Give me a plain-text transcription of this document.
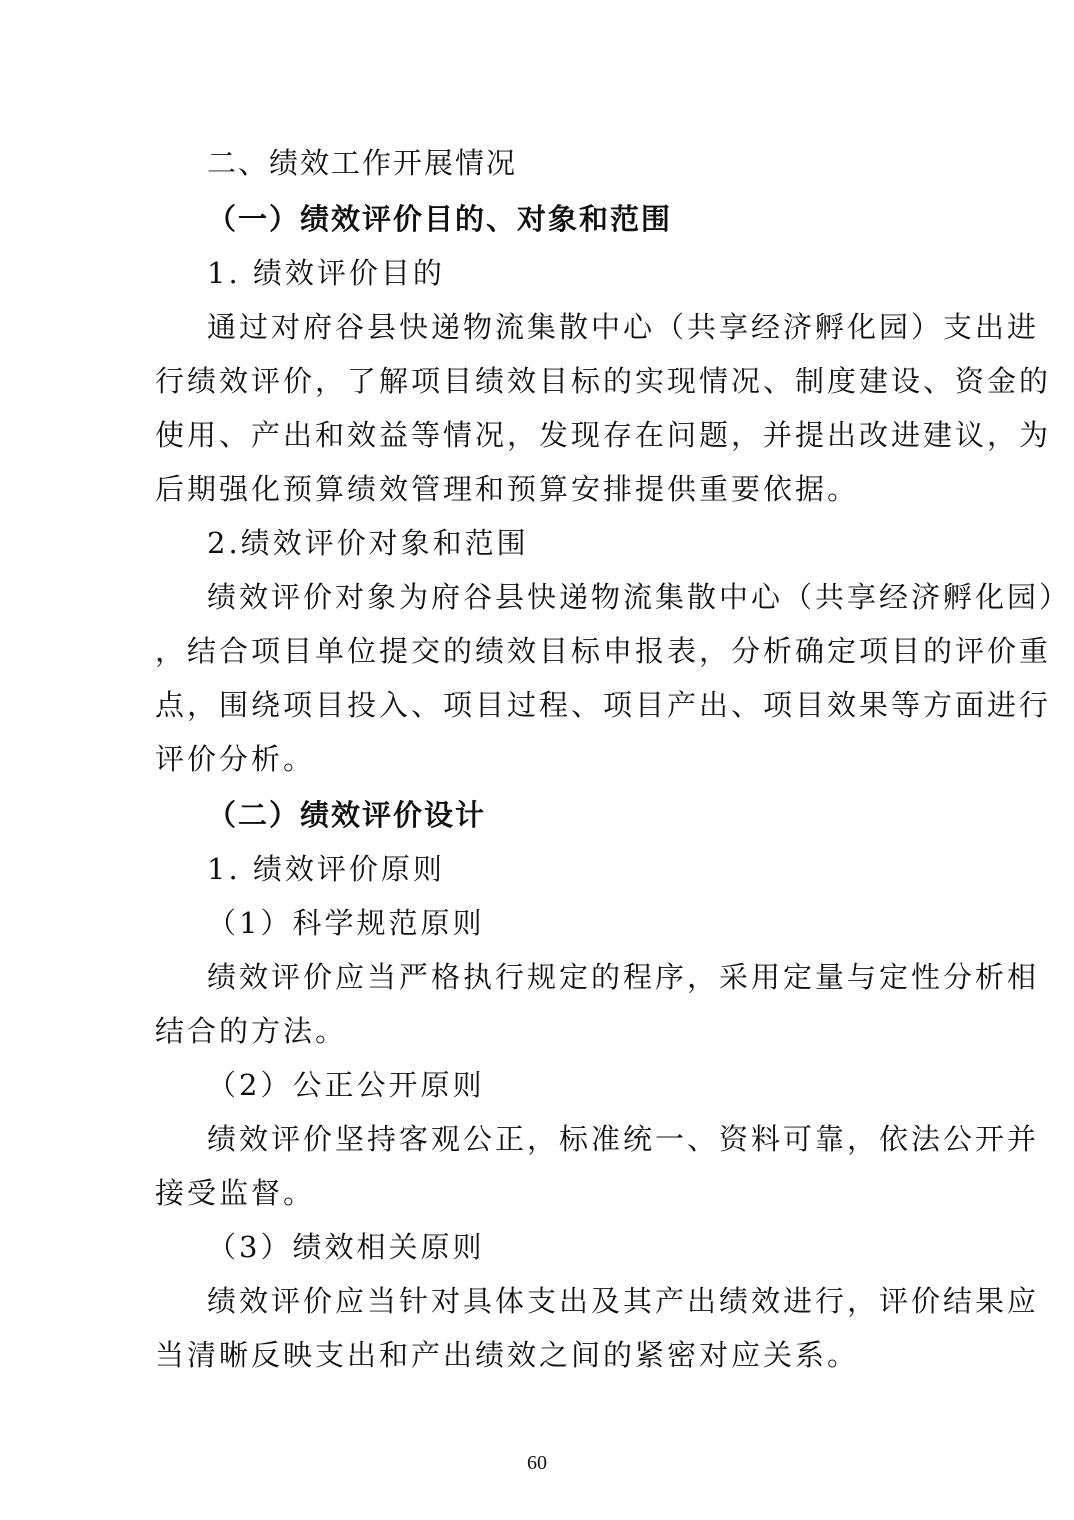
二、绩效工作开展情况

（一）绩效评价目的、对象和范围

1. 绩效评价目的

通过对府谷县快递物流集散中心（共享经济孵化园）支出进

行绩效评价，了解项目绩效目标的实现情况、制度建设、资金的

使用、产出和效益等情况，发现存在问题，并提出改进建议，为

后期强化预算绩效管理和预算安排提供重要依据。

2.绩效评价对象和范围

绩效评价对象为府谷县快递物流集散中心（共享经济孵化园）

，结合项目单位提交的绩效目标申报表，分析确定项目的评价重

点，围绕项目投入、项目过程、项目产出、项目效果等方面进行

评价分析。

（二）绩效评价设计

1. 绩效评价原则

（1）科学规范原则

绩效评价应当严格执行规定的程序，采用定量与定性分析相

结合的方法。

（2）公正公开原则

绩效评价坚持客观公正，标准统一、资料可靠，依法公开并

接受监督。

（3）绩效相关原则

绩效评价应当针对具体支出及其产出绩效进行，评价结果应

当清晰反映支出和产出绩效之间的紧密对应关系。

60
